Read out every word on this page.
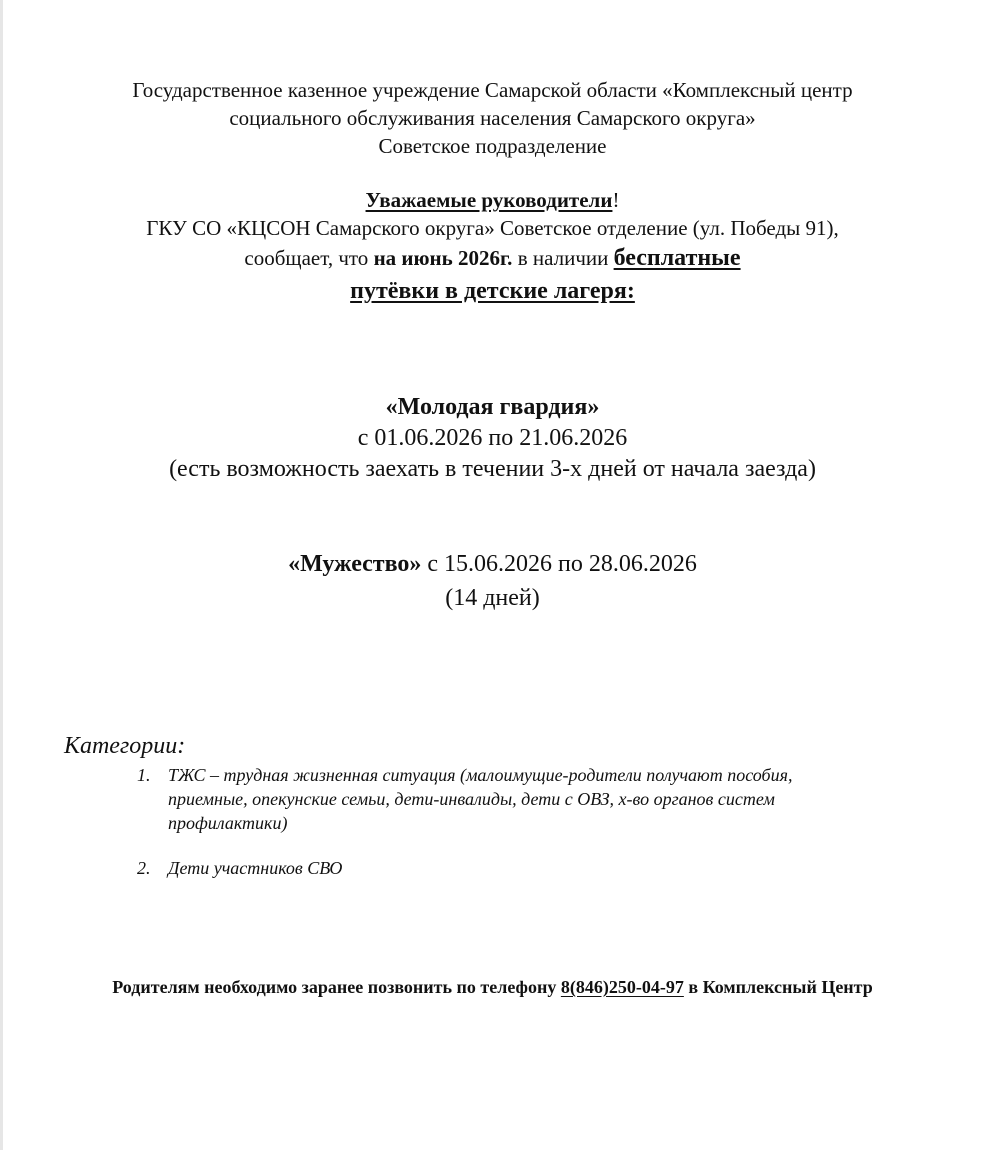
Государственное казенное учреждение Самарской области «Комплексный центр
социального обслуживания населения Самарского округа»
Советское подразделение
Уважаемые руководители!
ГКУ СО «КЦСОН Самарского округа» Советское отделение (ул. Победы 91),
сообщает, что на июнь 2026г. в наличии бесплатные
путёвки в детские лагеря:
«Молодая гвардия»
с 01.06.2026 по 21.06.2026
(есть возможность заехать в течении 3-х дней от начала заезда)
«Мужество» с 15.06.2026 по 28.06.2026
(14 дней)
Категории:
1. ТЖС – трудная жизненная ситуация (малоимущие-родители получают пособия,
приемные, опекунские семьи, дети-инвалиды, дети с ОВЗ, х-во органов систем
профилактики)
2. Дети участников СВО
Родителям необходимо заранее позвонить по телефону 8(846)250-04-97 в Комплексный Центр
